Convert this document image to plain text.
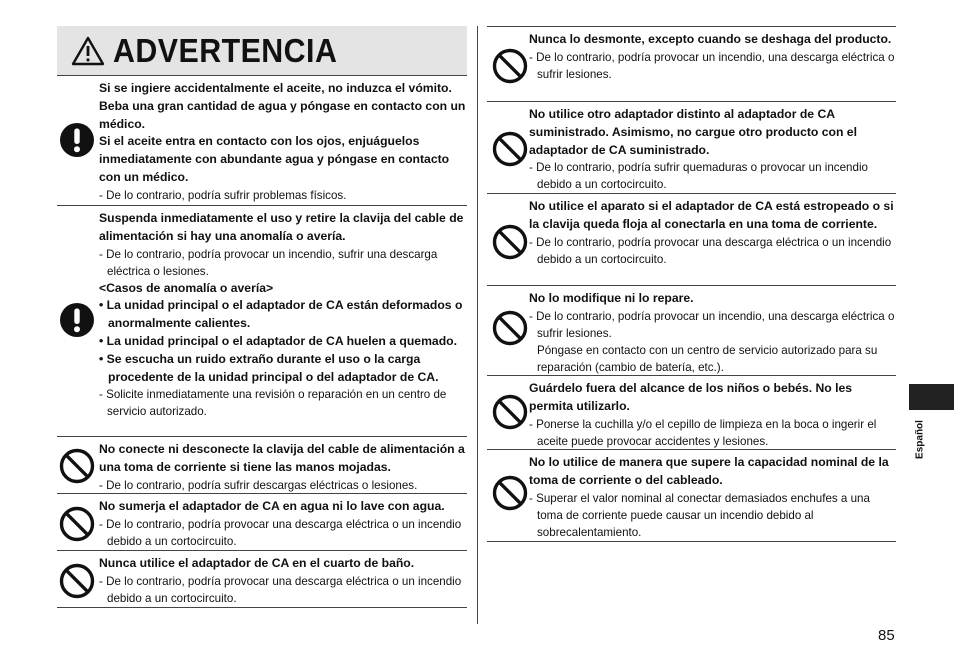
ADVERTENCIA

Si se ingiere accidentalmente el aceite, no induzca el vómito. Beba una gran cantidad de agua y póngase en contacto con un médico.

Si el aceite entra en contacto con los ojos, enjuáguelos inmediatamente con abundante agua y póngase en contacto con un médico.

- De lo contrario, podría sufrir problemas físicos.

Suspenda inmediatamente el uso y retire la clavija del cable de alimentación si hay una anomalía o avería.

- De lo contrario, podría provocar un incendio, sufrir una descarga eléctrica o lesiones.

<Casos de anomalía o avería>

• La unidad principal o el adaptador de CA están deformados o anormalmente calientes.

• La unidad principal o el adaptador de CA huelen a quemado.

• Se escucha un ruido extraño durante el uso o la carga procedente de la unidad principal o del adaptador de CA.

- Solicite inmediatamente una revisión o reparación en un centro de servicio autorizado.

No conecte ni desconecte la clavija del cable de alimentación a una toma de corriente si tiene las manos mojadas.

- De lo contrario, podría sufrir descargas eléctricas o lesiones.

No sumerja el adaptador de CA en agua ni lo lave con agua.

- De lo contrario, podría provocar una descarga eléctrica o un incendio debido a un cortocircuito.

Nunca utilice el adaptador de CA en el cuarto de baño.

- De lo contrario, podría provocar una descarga eléctrica o un incendio debido a un cortocircuito.

Nunca lo desmonte, excepto cuando se deshaga del producto.

- De lo contrario, podría provocar un incendio, una descarga eléctrica o sufrir lesiones.

No utilice otro adaptador distinto al adaptador de CA suministrado. Asimismo, no cargue otro producto con el adaptador de CA suministrado.

- De lo contrario, podría sufrir quemaduras o provocar un incendio debido a un cortocircuito.

No utilice el aparato si el adaptador de CA está estropeado o si la clavija queda floja al conectarla en una toma de corriente.

- De lo contrario, podría provocar una descarga eléctrica o un incendio debido a un cortocircuito.

No lo modifique ni lo repare.

- De lo contrario, podría provocar un incendio, una descarga eléctrica o sufrir lesiones.

Póngase en contacto con un centro de servicio autorizado para su reparación (cambio de batería, etc.).

Guárdelo fuera del alcance de los niños o bebés. No les permita utilizarlo.

- Ponerse la cuchilla y/o el cepillo de limpieza en la boca o ingerir el aceite puede provocar accidentes y lesiones.

No lo utilice de manera que supere la capacidad nominal de la toma de corriente o del cableado.

- Superar el valor nominal al conectar demasiados enchufes a una toma de corriente puede causar un incendio debido al sobrecalentamiento.

Español
85
